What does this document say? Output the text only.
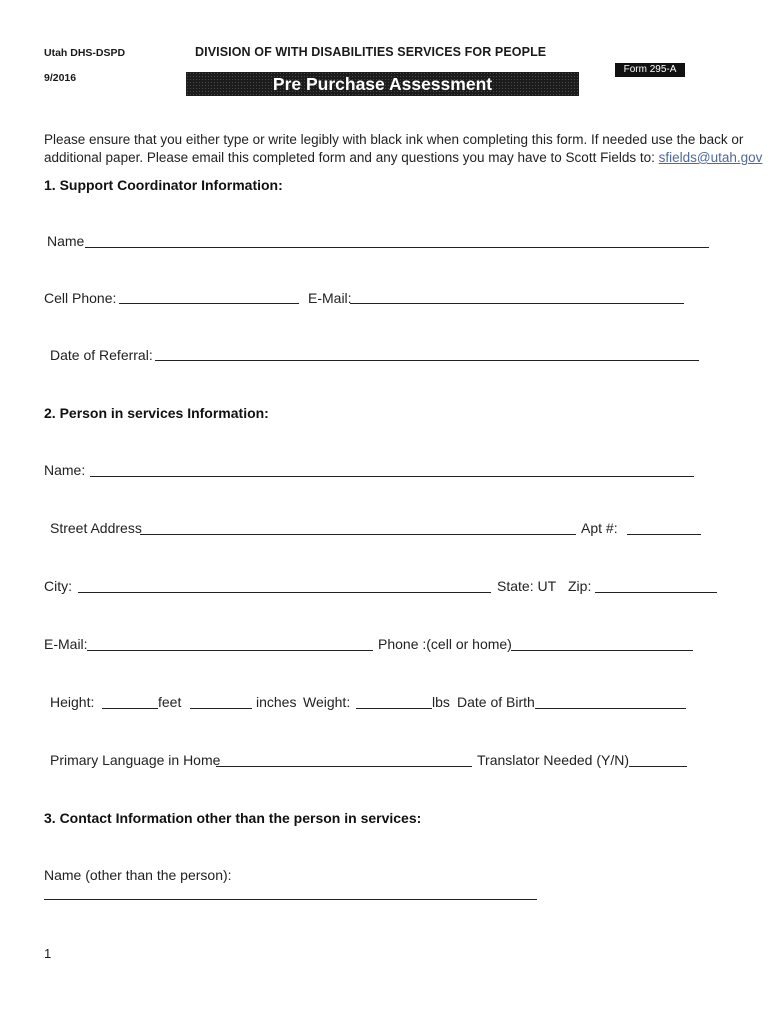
Utah DHS-DSPD	DIVISION OF WITH DISABILITIES SERVICES FOR PEOPLE
9/2016
Form 295-A
Pre Purchase Assessment
Please ensure that you either type or write legibly with black ink when completing this form. If needed use the back or
additional paper. Please email this completed form and any questions you may have to Scott Fields to: sfields@utah.gov
1. Support Coordinator Information:
Name
Cell Phone:	E-Mail:
Date of Referral:
2. Person in services Information:
Name:
Street Address	Apt #:
City:	State: UT Zip:
E-Mail:	Phone :(cell or home)
Height:	feet	inches Weight:	lbs Date of Birth
Primary Language in Home	Translator Needed (Y/N)
3. Contact Information other than the person in services:
Name (other than the person):
1
